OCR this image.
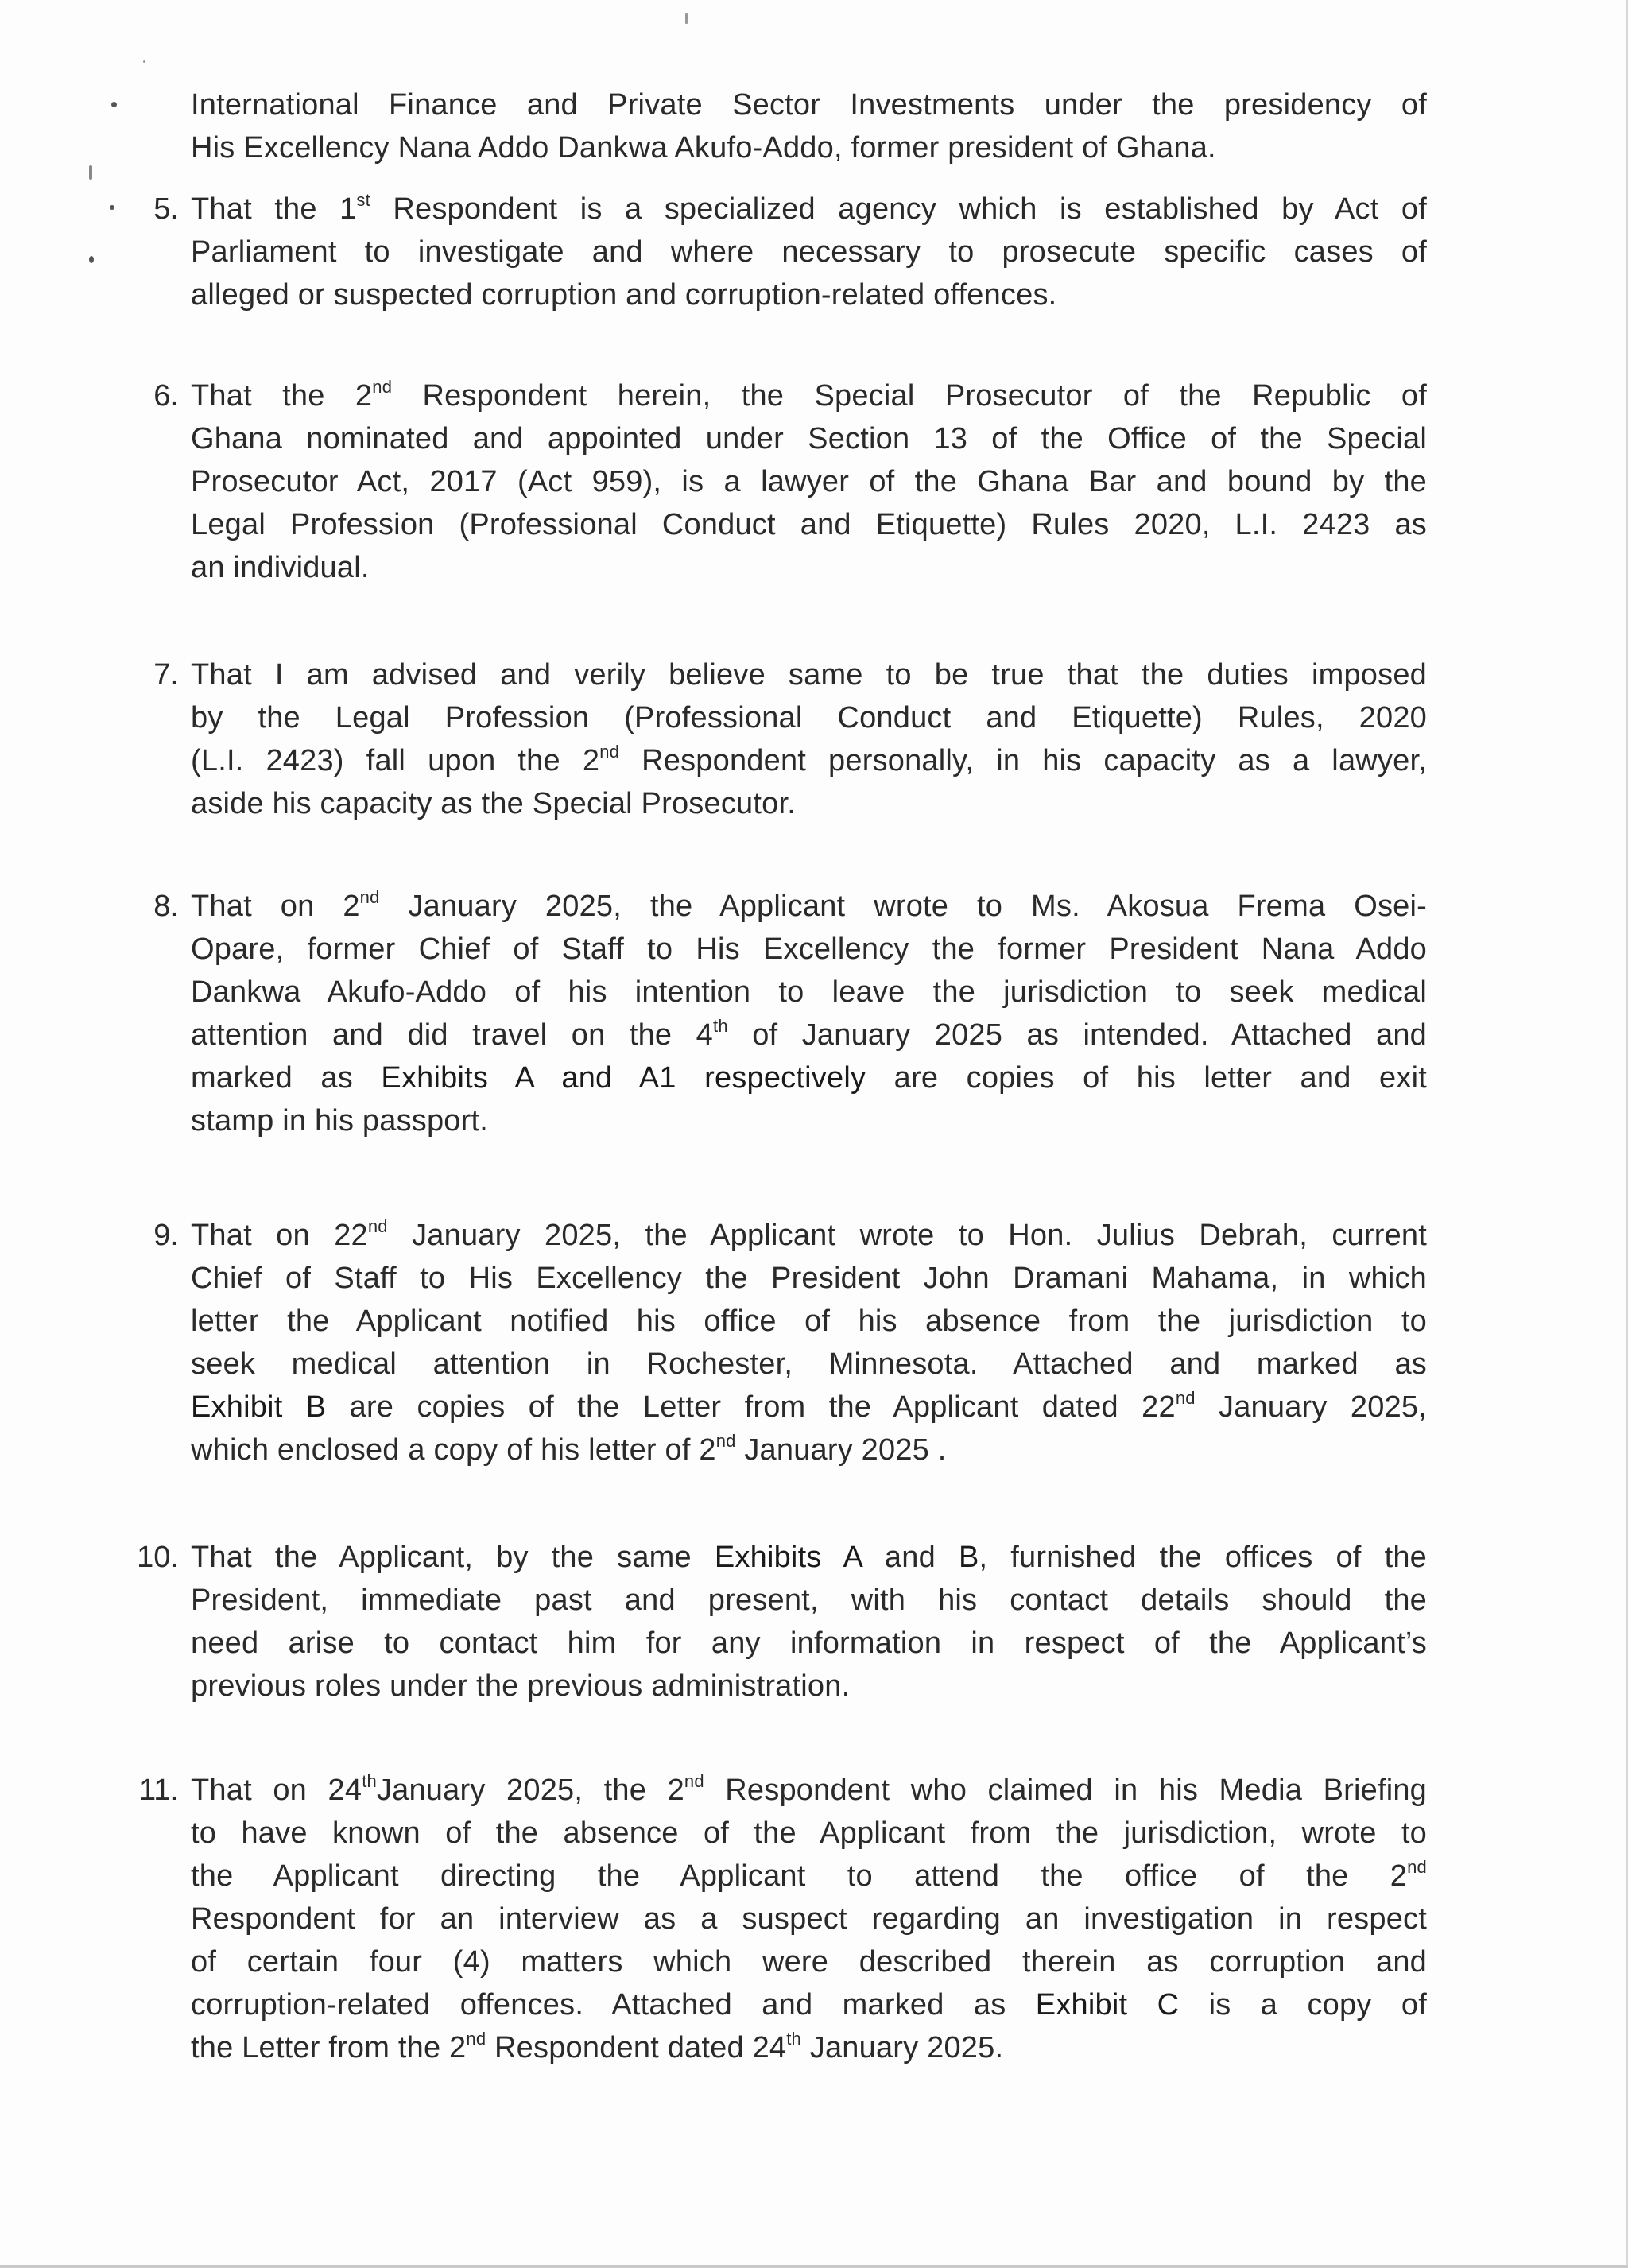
International Finance and Private Sector Investments under the presidency of
His Excellency Nana Addo Dankwa Akufo-Addo, former president of Ghana.
5. That the 1st Respondent is a specialized agency which is established by Act of
Parliament to investigate and where necessary to prosecute specific cases of
alleged or suspected corruption and corruption-related offences.
6. That the 2nd Respondent herein, the Special Prosecutor of the Republic of
Ghana nominated and appointed under Section 13 of the Office of the Special
Prosecutor Act, 2017 (Act 959), is a lawyer of the Ghana Bar and bound by the
Legal Profession (Professional Conduct and Etiquette) Rules 2020, L.I. 2423 as
an individual.
7. That I am advised and verily believe same to be true that the duties imposed
by the Legal Profession (Professional Conduct and Etiquette) Rules, 2020
(L.I. 2423) fall upon the 2nd Respondent personally, in his capacity as a lawyer,
aside his capacity as the Special Prosecutor.
8. That on 2nd January 2025, the Applicant wrote to Ms. Akosua Frema Osei-
Opare, former Chief of Staff to His Excellency the former President Nana Addo
Dankwa Akufo-Addo of his intention to leave the jurisdiction to seek medical
attention and did travel on the 4th of January 2025 as intended. Attached and
marked as Exhibits A and A1 respectively are copies of his letter and exit
stamp in his passport.
9. That on 22nd January 2025, the Applicant wrote to Hon. Julius Debrah, current
Chief of Staff to His Excellency the President John Dramani Mahama, in which
letter the Applicant notified his office of his absence from the jurisdiction to
seek medical attention in Rochester, Minnesota. Attached and marked as
Exhibit B are copies of the Letter from the Applicant dated 22nd January 2025,
which enclosed a copy of his letter of 2nd January 2025 .
10. That the Applicant, by the same Exhibits A and B, furnished the offices of the
President, immediate past and present, with his contact details should the
need arise to contact him for any information in respect of the Applicant’s
previous roles under the previous administration.
11. That on 24thJanuary 2025, the 2nd Respondent who claimed in his Media Briefing
to have known of the absence of the Applicant from the jurisdiction, wrote to
the Applicant directing the Applicant to attend the office of the 2nd
Respondent for an interview as a suspect regarding an investigation in respect
of certain four (4) matters which were described therein as corruption and
corruption-related offences. Attached and marked as Exhibit C is a copy of
the Letter from the 2nd Respondent dated 24th January 2025.
